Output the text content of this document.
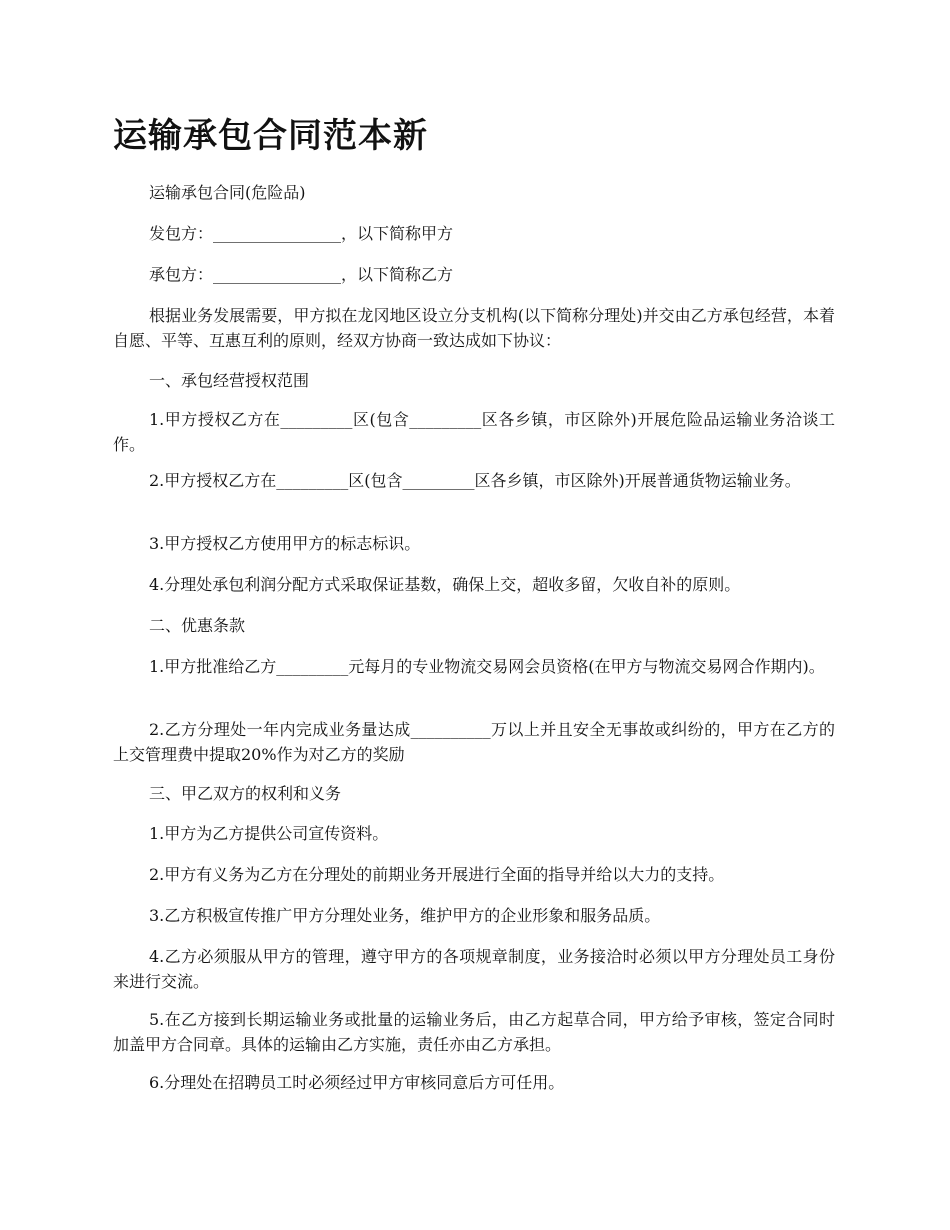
运输承包合同范本新

运输承包合同(危险品)

发包方：________________，以下简称甲方

承包方：________________，以下简称乙方

根据业务发展需要，甲方拟在龙冈地区设立分支机构(以下简称分理处)并交由乙方承包经营，本着自愿、平等、互惠互利的原则，经双方协商一致达成如下协议：

一、承包经营授权范围

1.甲方授权乙方在_________区(包含_________区各乡镇，市区除外)开展危险品运输业务洽谈工作。

2.甲方授权乙方在_________区(包含_________区各乡镇，市区除外)开展普通货物运输业务。

3.甲方授权乙方使用甲方的标志标识。

4.分理处承包利润分配方式采取保证基数，确保上交，超收多留，欠收自补的原则。

二、优惠条款

1.甲方批准给乙方_________元每月的专业物流交易网会员资格(在甲方与物流交易网合作期内)。

2.乙方分理处一年内完成业务量达成__________万以上并且安全无事故或纠纷的，甲方在乙方的上交管理费中提取20%作为对乙方的奖励

三、甲乙双方的权利和义务

1.甲方为乙方提供公司宣传资料。

2.甲方有义务为乙方在分理处的前期业务开展进行全面的指导并给以大力的支持。

3.乙方积极宣传推广甲方分理处业务，维护甲方的企业形象和服务品质。

4.乙方必须服从甲方的管理，遵守甲方的各项规章制度，业务接洽时必须以甲方分理处员工身份来进行交流。

5.在乙方接到长期运输业务或批量的运输业务后，由乙方起草合同，甲方给予审核，签定合同时加盖甲方合同章。具体的运输由乙方实施，责任亦由乙方承担。

6.分理处在招聘员工时必须经过甲方审核同意后方可任用。
